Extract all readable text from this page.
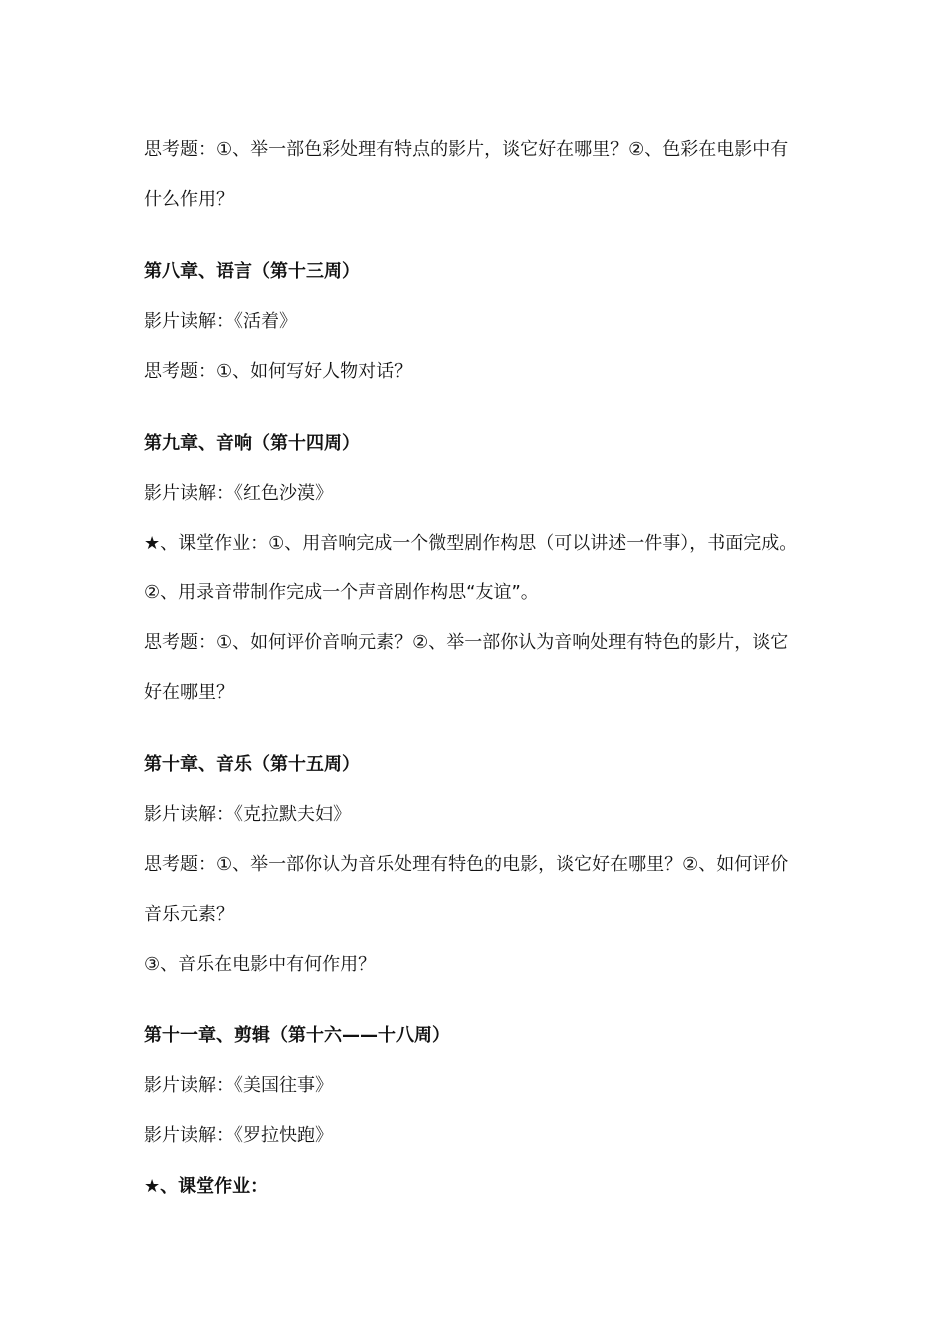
思考题：①、举一部色彩处理有特点的影片，谈它好在哪里？②、色彩在电影中有
什么作用？
第八章、语言（第十三周）
影片读解：《活着》
思考题：①、如何写好人物对话？
第九章、音响（第十四周）
影片读解：《红色沙漠》
★、课堂作业：①、用音响完成一个微型剧作构思（可以讲述一件事），书面完成。
②、用录音带制作完成一个声音剧作构思“友谊”。
思考题：①、如何评价音响元素？②、举一部你认为音响处理有特色的影片，谈它
好在哪里？
第十章、音乐（第十五周）
影片读解：《克拉默夫妇》
思考题：①、举一部你认为音乐处理有特色的电影，谈它好在哪里？②、如何评价
音乐元素？
③、音乐在电影中有何作用？
第十一章、剪辑（第十六——十八周）
影片读解：《美国往事》
影片读解：《罗拉快跑》
★、课堂作业：
